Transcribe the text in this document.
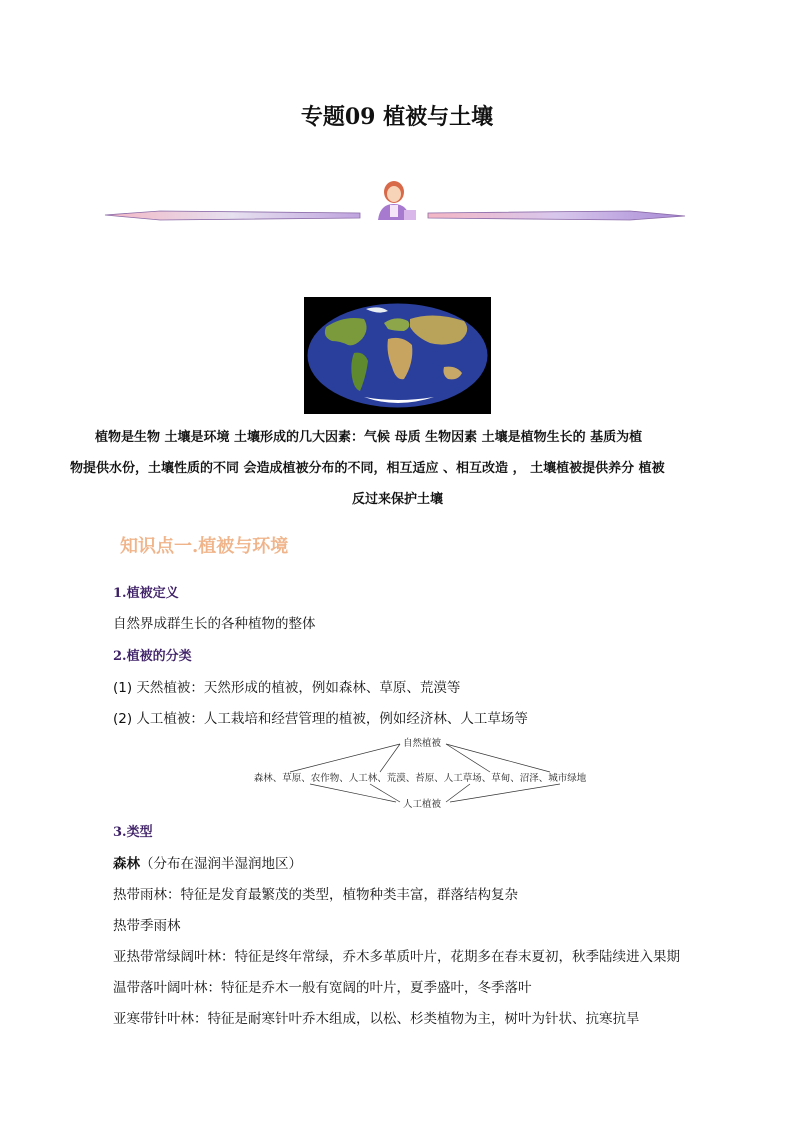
专题09 植被与土壤
植物是生物 土壤是环境 土壤形成的几大因素：气候 母质 生物因素 土壤是植物生长的 基质为植
物提供水份，土壤性质的不同 会造成植被分布的不同，相互适应 、相互改造 ， 土壤植被提供养分 植被
反过来保护土壤
知识点一.植被与环境
1.植被定义
自然界成群生长的各种植物的整体
2.植被的分类
(1) 天然植被：天然形成的植被，例如森林、草原、荒漠等
(2) 人工植被：人工栽培和经营管理的植被，例如经济林、人工草场等
自然植被
森林、草原、农作物、人工林、荒漠、苔原、人工草场、草甸、沼泽、城市绿地
人工植被
3.类型
森林（分布在湿润半湿润地区）
热带雨林：特征是发育最繁茂的类型，植物种类丰富，群落结构复杂
热带季雨林
亚热带常绿阔叶林：特征是终年常绿，乔木多革质叶片，花期多在春末夏初，秋季陆续进入果期
温带落叶阔叶林：特征是乔木一般有宽阔的叶片，夏季盛叶，冬季落叶
亚寒带针叶林：特征是耐寒针叶乔木组成，以松、杉类植物为主，树叶为针状、抗寒抗旱
